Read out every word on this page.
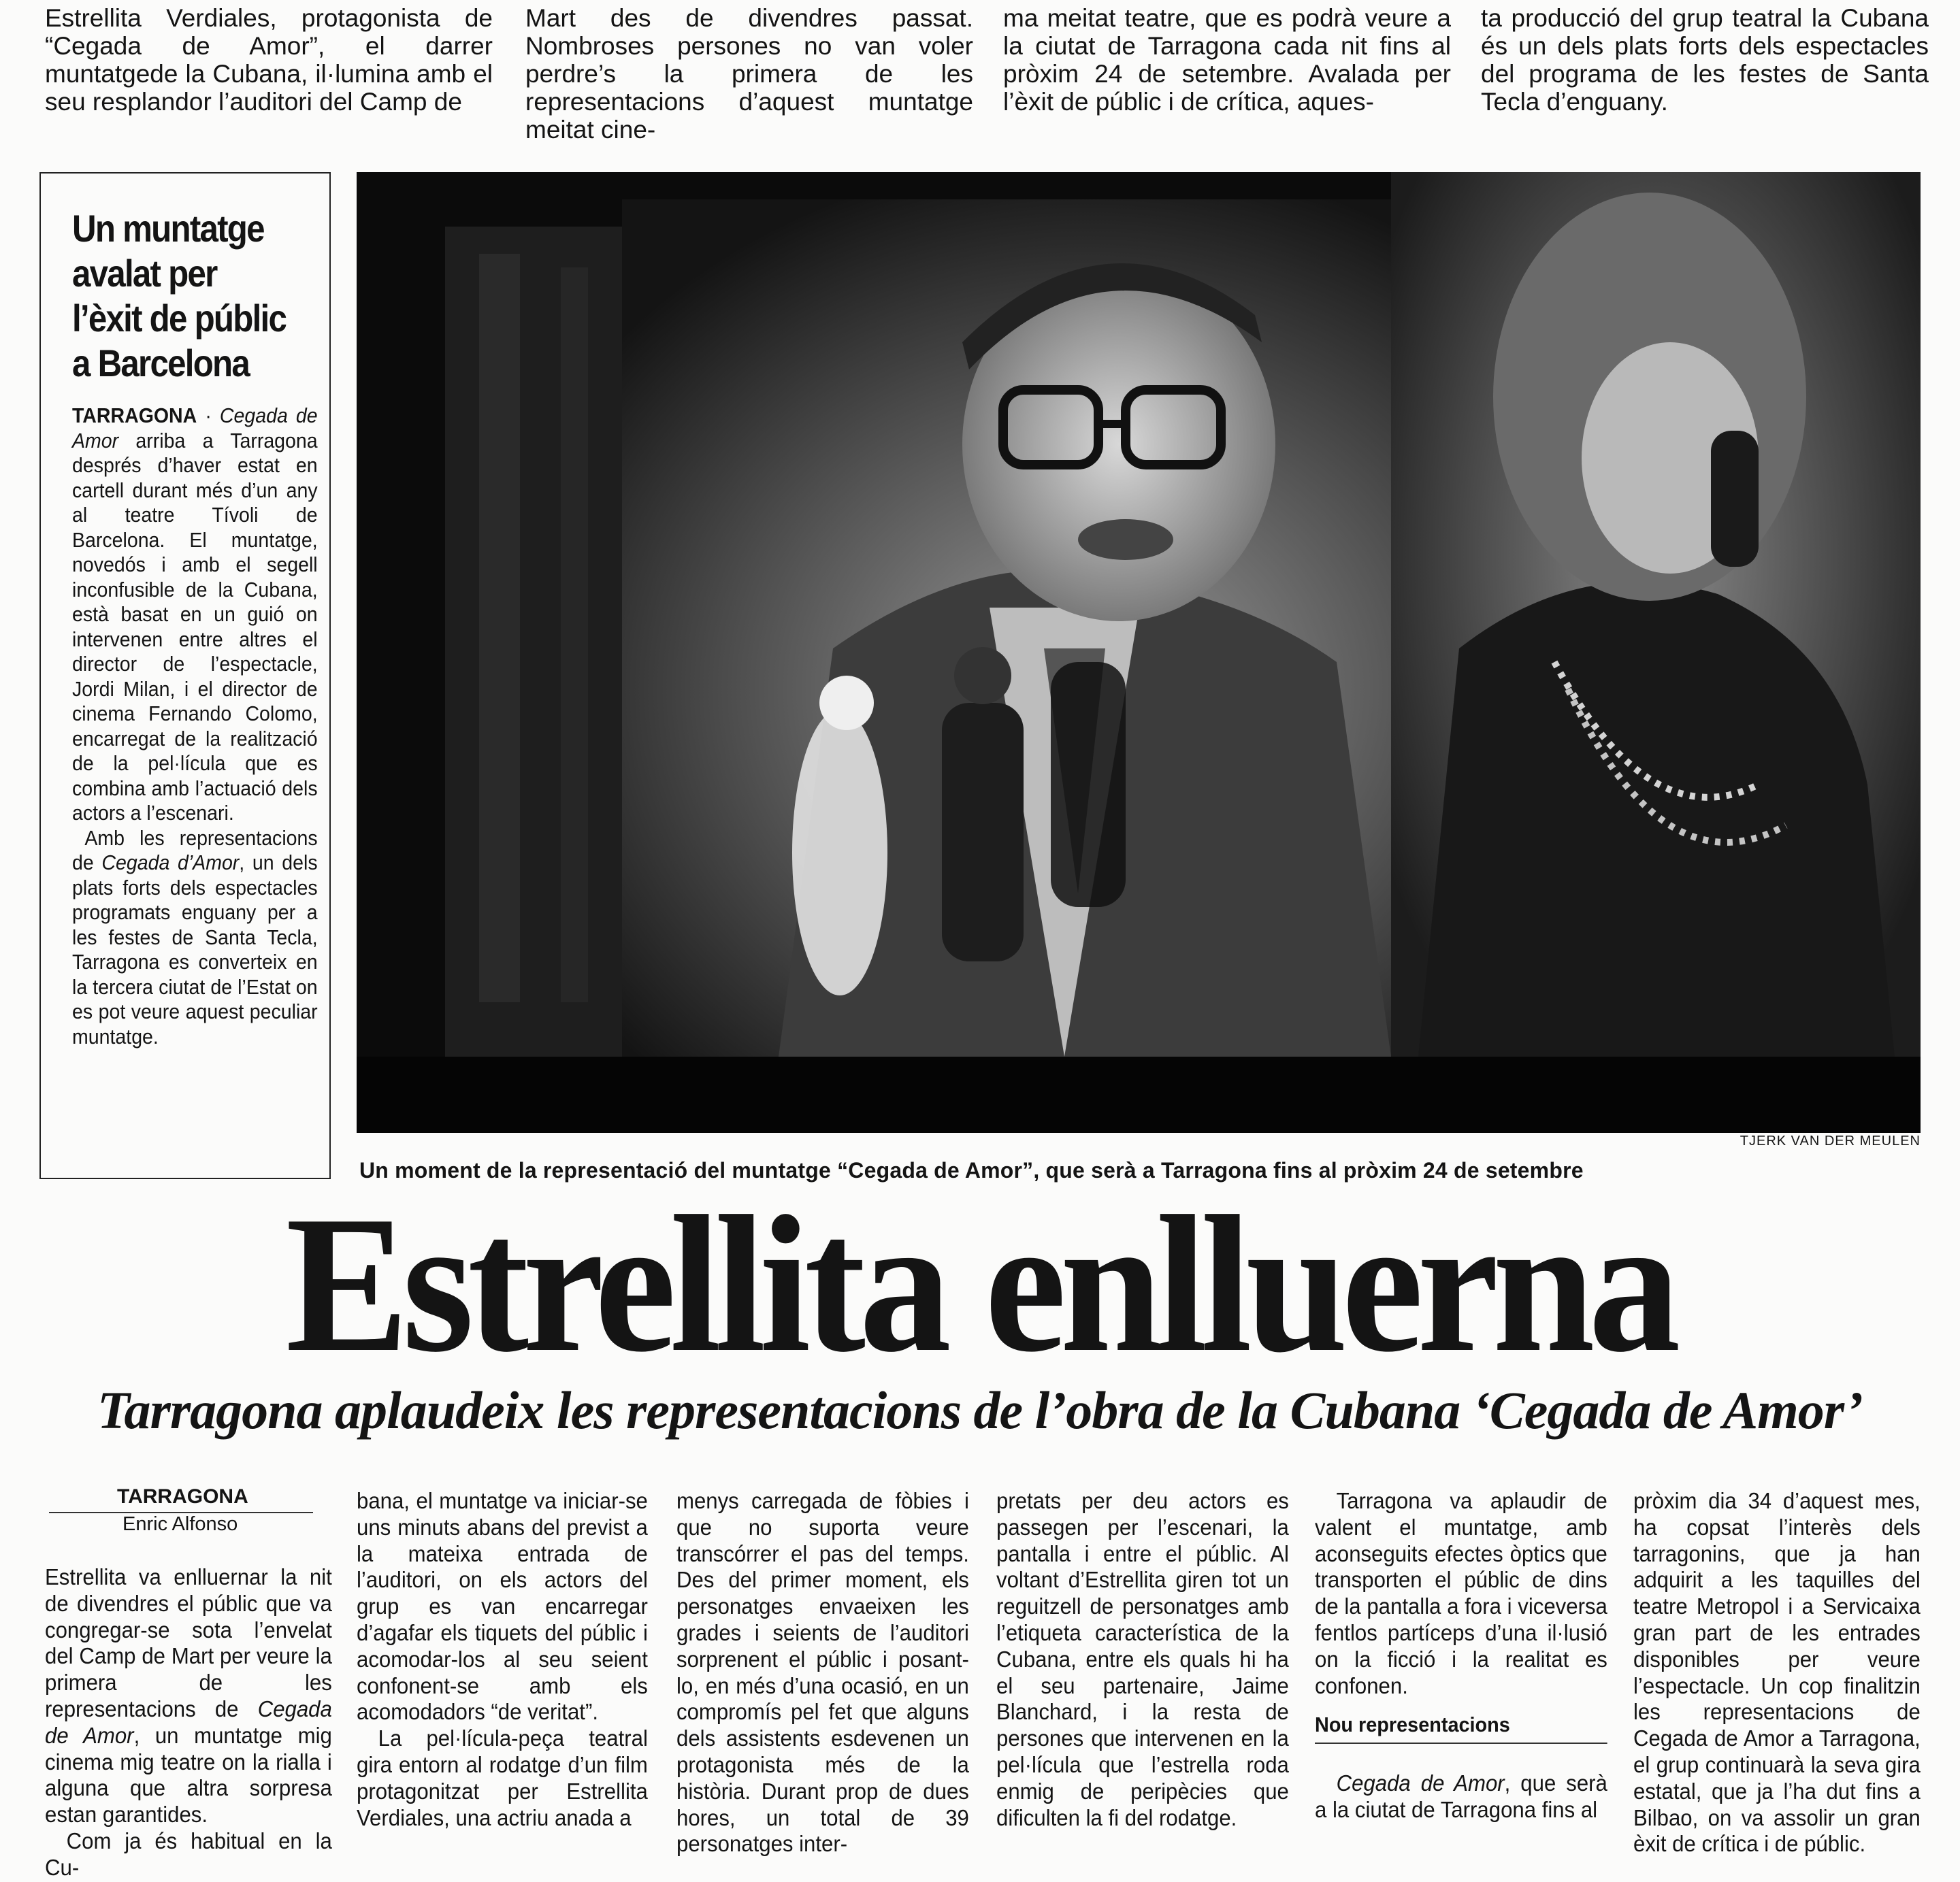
Estrellita Verdiales, protagonista de “Cegada de Amor”, el darrer muntatgede la Cubana, il·lumina amb el seu resplandor l’auditori del Camp de

Mart des de divendres passat. Nombroses persones no van voler perdre’s la primera de les representacions d’aquest muntatge meitat cine-

ma meitat teatre, que es podrà veure a la ciutat de Tarragona cada nit fins al pròxim 24 de setembre. Avalada per l’èxit de públic i de crítica, aques-

ta producció del grup teatral la Cubana és un dels plats forts dels espectacles del programa de les festes de Santa Tecla d’enguany.

Un muntatge avalat per l’èxit de públic a Barcelona

TARRAGONA · Cegada de Amor arriba a Tarragona després d’haver estat en cartell durant més d’un any al teatre Tívoli de Barcelona. El muntatge, novedós i amb el segell inconfusible de la Cubana, està basat en un guió on intervenen entre altres el director de l’espectacle, Jordi Milan, i el director de cinema Fernando Colomo, encarregat de la realització de la pel·lícula que es combina amb l’actuació dels actors a l’escenari.

Amb les representacions de Cegada d’Amor, un dels plats forts dels espectacles programats enguany per a les festes de Santa Tecla, Tarragona es converteix en la tercera ciutat de l’Estat on es pot veure aquest peculiar muntatge.

TJERK VAN DER MEULEN
Un moment de la representació del muntatge “Cegada de Amor”, que serà a Tarragona fins al pròxim 24 de setembre
Estrellita enlluerna
Tarragona aplaudeix les representacions de l’obra de la Cubana ‘Cegada de Amor’
TARRAGONA
Enric Alfonso

Estrellita va enlluernar la nit de divendres el públic que va congregar-se sota l’envelat del Camp de Mart per veure la primera de les representacions de Cegada de Amor, un muntatge mig cinema mig teatre on la rialla i alguna que altra sorpresa estan garantides.

Com ja és habitual en la Cu-

bana, el muntatge va iniciar-se uns minuts abans del previst a la mateixa entrada de l’auditori, on els actors del grup es van encarregar d’agafar els tiquets del públic i acomodar-los al seu seient confonent-se amb els acomodadors “de veritat”.

La pel·lícula-peça teatral gira entorn al rodatge d’un film protagonitzat per Estrellita Verdiales, una actriu anada a

menys carregada de fòbies i que no suporta veure transcórrer el pas del temps. Des del primer moment, els personatges envaeixen les grades i seients de l’auditori sorprenent el públic i posant-lo, en més d’una ocasió, en un compromís pel fet que alguns dels assistents esdevenen un protagonista més de la història. Durant prop de dues hores, un total de 39 personatges inter-

pretats per deu actors es passegen per l’escenari, la pantalla i entre el públic. Al voltant d’Estrellita giren tot un reguitzell de personatges amb l’etiqueta característica de la Cubana, entre els quals hi ha el seu partenaire, Jaime Blanchard, i la resta de persones que intervenen en la pel·lícula que l’estrella roda enmig de peripècies que dificulten la fi del rodatge.

Tarragona va aplaudir de valent el muntatge, amb aconseguits efectes òptics que transporten el públic de dins de la pantalla a fora i viceversa fentlos partíceps d’una il·lusió on la ficció i la realitat es confonen.

Nou representacions

Cegada de Amor, que serà a la ciutat de Tarragona fins al

pròxim dia 34 d’aquest mes, ha copsat l’interès dels tarragonins, que ja han adquirit a les taquilles del teatre Metropol i a Servicaixa gran part de les entrades disponibles per veure l’espectacle. Un cop finalitzin les representacions de Cegada de Amor a Tarragona, el grup continuarà la seva gira estatal, que ja l’ha dut fins a Bilbao, on va assolir un gran èxit de crítica i de públic.
